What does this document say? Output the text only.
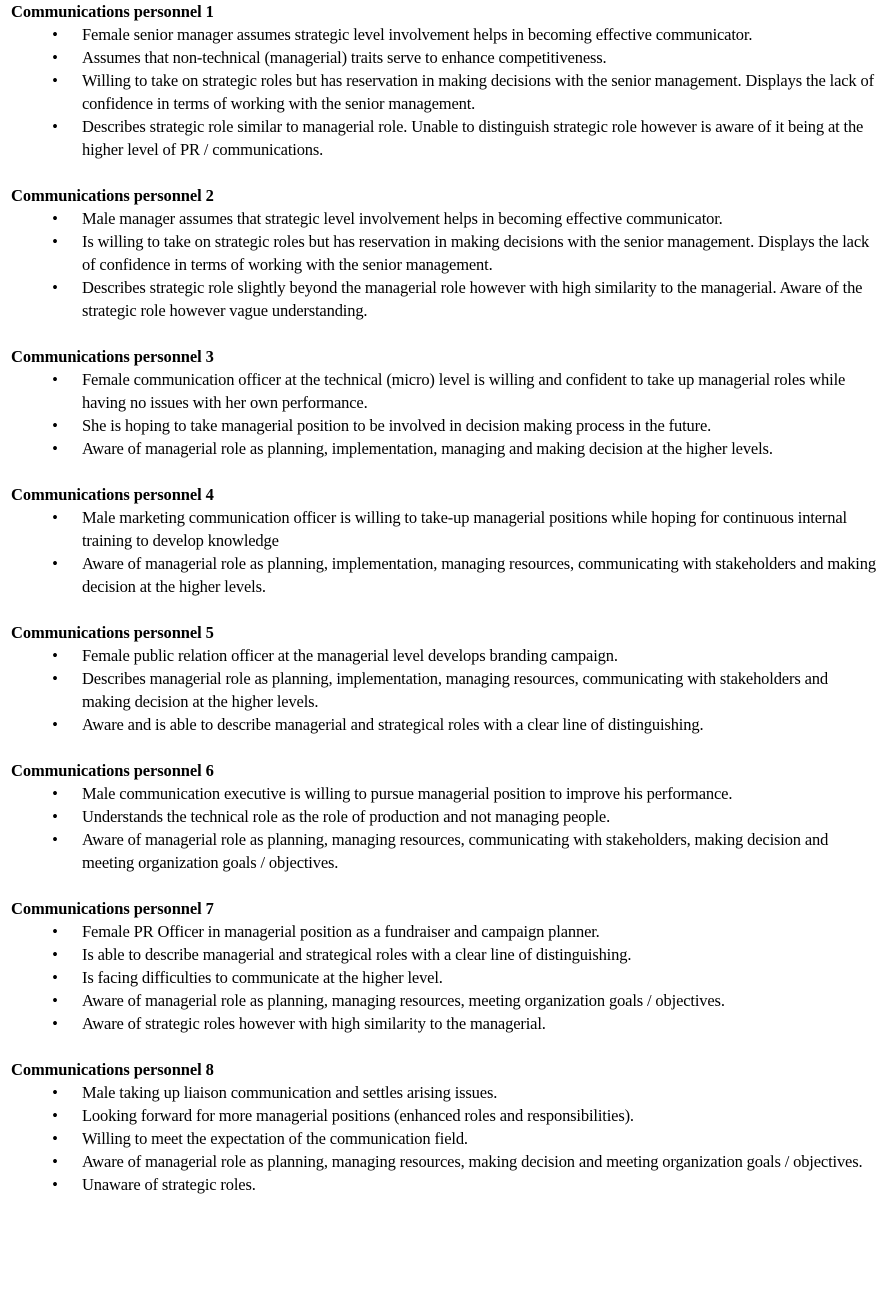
Communications personnel 1
• Female senior manager assumes strategic level involvement helps in becoming effective communicator.
• Assumes that non-technical (managerial) traits serve to enhance competitiveness.
• Willing to take on strategic roles but has reservation in making decisions with the senior management. Displays the lack of confidence in terms of working with the senior management.
• Describes strategic role similar to managerial role. Unable to distinguish strategic role however is aware of it being at the higher level of PR / communications.
Communications personnel 2
• Male manager assumes that strategic level involvement helps in becoming effective communicator.
• Is willing to take on strategic roles but has reservation in making decisions with the senior management. Displays the lack of confidence in terms of working with the senior management.
• Describes strategic role slightly beyond the managerial role however with high similarity to the managerial. Aware of the strategic role however vague understanding.
Communications personnel 3
• Female communication officer at the technical (micro) level is willing and confident to take up managerial roles while having no issues with her own performance.
• She is hoping to take managerial position to be involved in decision making process in the future.
• Aware of managerial role as planning, implementation, managing and making decision at the higher levels.
Communications personnel 4
• Male marketing communication officer is willing to take-up managerial positions while hoping for continuous internal training to develop knowledge
• Aware of managerial role as planning, implementation, managing resources, communicating with stakeholders and making decision at the higher levels.
Communications personnel 5
• Female public relation officer at the managerial level develops branding campaign.
• Describes managerial role as planning, implementation, managing resources, communicating with stakeholders and making decision at the higher levels.
• Aware and is able to describe managerial and strategical roles with a clear line of distinguishing.
Communications personnel 6
• Male communication executive is willing to pursue managerial position to improve his performance.
• Understands the technical role as the role of production and not managing people.
• Aware of managerial role as planning, managing resources, communicating with stakeholders, making decision and meeting organization goals / objectives.
Communications personnel 7
• Female PR Officer in managerial position as a fundraiser and campaign planner.
• Is able to describe managerial and strategical roles with a clear line of distinguishing.
• Is facing difficulties to communicate at the higher level.
• Aware of managerial role as planning, managing resources, meeting organization goals / objectives.
• Aware of strategic roles however with high similarity to the managerial.
Communications personnel 8
• Male taking up liaison communication and settles arising issues.
• Looking forward for more managerial positions (enhanced roles and responsibilities).
• Willing to meet the expectation of the communication field.
• Aware of managerial role as planning, managing resources, making decision and meeting organization goals / objectives.
• Unaware of strategic roles.
